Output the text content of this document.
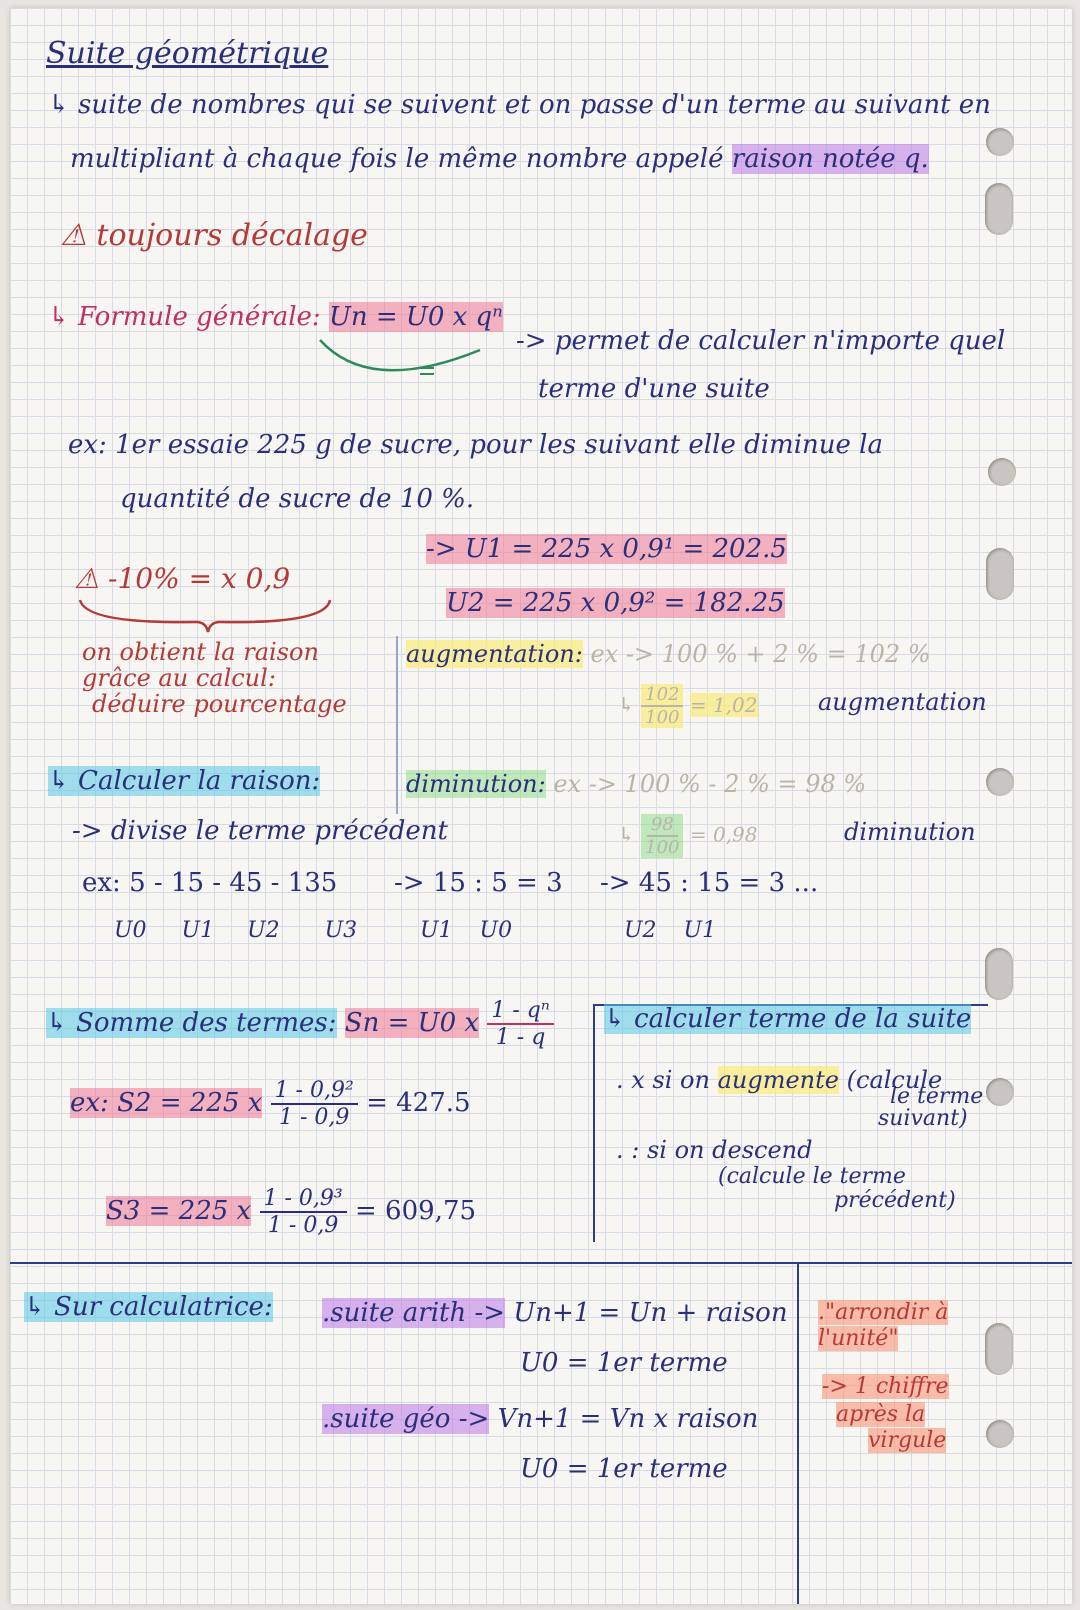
Suite géométrique
↳ suite de nombres qui se suivent et on passe d'un terme au suivant en
multipliant à chaque fois le même nombre appelé raison notée q.
⚠ toujours décalage
↳ Formule générale: Un = U0 x qⁿ
-> permet de calculer n'importe quel
terme d'une suite
ex: 1er essaie 225 g de sucre, pour les suivant elle diminue la
quantité de sucre de 10 %.
-> U1 = 225 x 0,9¹ = 202.5
U2 = 225 x 0,9² = 182.25
⚠ -10% = x 0,9
on obtient la raison
grâce au calcul:
déduire pourcentage
augmentation: ex -> 100 % + 2 % = 102 %
↳ $\frac{102}{100} = 1,02$	augmentation
↳ Calculer la raison:	diminution: ex -> 100 % - 2 % = 98 %
↳ $\frac{98}{100} = 0,98$	diminution
-> divise le terme précédent
ex: 5 - 15 - 45 - 135
U0 U1 U2 U3
-> 15 : 5 = 3
U1 U0
-> 45 : 15 = 3 ...
U2 U1
↳ Somme des termes: Sn = U0 x $\frac{\text{1 - qⁿ}}{1 - q}$
ex: S2 = 225 x $\frac{\text{1 - 0,9²}}{1 - 0,9} = 427.5$
S3 = 225 x $\frac{\text{1 - 0,9³}}{1 - 0,9} = 609,75$
↳ calculer terme de la suite
. x si on augmente (calcule
le terme
suivant)
. : si on descend
(calcule le terme
précédent)
↳ Sur calculatrice: .suite arith -> Un+1 = Un + raison
U0 = 1er terme
.suite géo -> Vn+1 = Vn x raison
U0 = 1er terme
."arrondir à
l'unité"
-> 1 chiffre
après la
virgule
